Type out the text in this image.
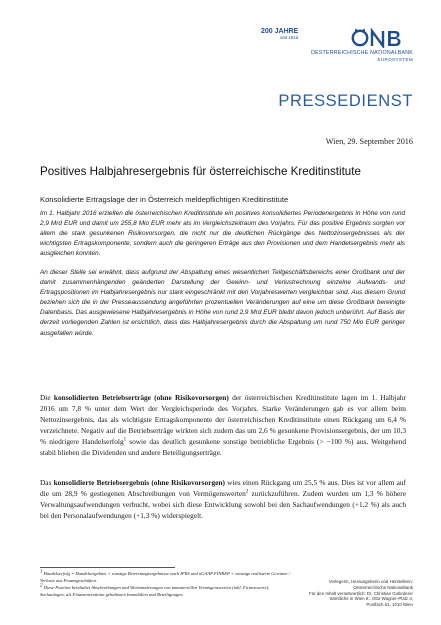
200 JAHRE
seit 1816
OESTERREICHISCHE NATIONALBANK
EUROSYSTEM
PRESSEDIENST
Wien, 29. September 2016
Positives Halbjahresergebnis für österreichische Kreditinstitute
Konsolidierte Ertragslage der in Österreich meldepflichtigen Kreditinstitute

Im 1. Halbjahr 2016 erzielten die österreichischen Kreditinstitute ein positives konsolidiertes Periodenergebnis in Höhe von rund 2,9 Mrd EUR und damit um 255,8 Mio EUR mehr als im Vergleichszeitraum des Vorjahrs. Für das positive Ergebnis sorgten vor allem die stark gesunkenen Risikovorsorgen, die nicht nur die deutlichen Rückgänge des Nettozinsergebnisses als der wichtigsten Ertragskomponente, sondern auch die geringeren Erträge aus den Provisionen und dem Handelsergebnis mehr als ausgleichen konnten.

An dieser Stelle sei erwähnt, dass aufgrund der Abspaltung eines wesentlichen Teilgeschäftsbereichs einer Großbank und der damit zusammenhängenden geänderten Darstellung der Gewinn- und Verlustrechnung einzelne Aufwands- und Ertragspositionen im Halbjahresergebnis nur stark eingeschränkt mit den Vorjahreswerten vergleichbar sind. Aus diesem Grund beziehen sich die in der Presseaussendung angeführten prozentuellen Veränderungen auf eine um diese Großbank bereinigte Datenbasis. Das ausgewiesene Halbjahresergebnis in Höhe von rund 2,9 Mrd EUR bleibt davon jedoch unberührt. Auf Basis der derzeit vorliegenden Zahlen ist ersichtlich, dass das Halbjahresergebnis durch die Abspaltung um rund 750 Mio EUR geringer ausgefallen würde.

Die konsolidierten Betriebserträge (ohne Risikovorsorgen) der österreichischen Kreditinstitute lagen im 1. Halbjahr 2016 um 7,8 % unter dem Wert der Vergleichsperiode des Vorjahrs. Starke Veränderungen gab es vor allem beim Nettozinsergebnis, das als wichtigste Ertragskomponente der österreichischen Kreditinstitute einen Rückgang um 6,4 % verzeichnete. Negativ auf die Betriebserträge wirkten sich zudem das um 2,6 % gesunkene Provisionsergebnis, der um 10,3 % niedrigere Handelserfolg$^1$ sowie das deutlich gesunkene sonstige betriebliche Ergebnis (> −100 %) aus. Weitgehend stabil blieben die Dividenden und andere Beteiligungserträge.

Das konsolidierte Betriebsergebnis (ohne Risikovorsorgen) wies einen Rückgang um 25,5 % aus. Dies ist vor allem auf die um 28,9 % gestiegenen Abschreibungen von Vermögenswerten$^2$ zurückzuführen. Zudem wurden um 1,3 % höhere Verwaltungsaufwendungen verbucht, wobei sich diese Entwicklung sowohl bei den Sachaufwendungen (+1,2 %) als auch bei den Personalaufwendungen (+1,3 %) widerspiegelt.

$^1$ Handelserfolg = Handelsergebnis + sonstige Bewertungsergebnisse nach IFRS und nGAAP FINREP + sonstige realisierte Gewinne / Verluste aus Finanzgeschäften.
$^2$ Diese Position beinhaltet Abschreibungen und Wertminderungen von immateriellen Vermögenswerten (inkl. Firmenwerte), Sachanlagen, als Finanzinvestition gehaltenen Immobilien und Beteiligungen.
Verlegerin, Herausgeberin und Herstellerin:
Oesterreichische Nationalbank
Für den Inhalt verantwortlich: Dr. Christian Gutlederer
Sämtliche in Wien 9., Otto-Wagner-Platz 3,
Postfach 61, 1010 Wien
